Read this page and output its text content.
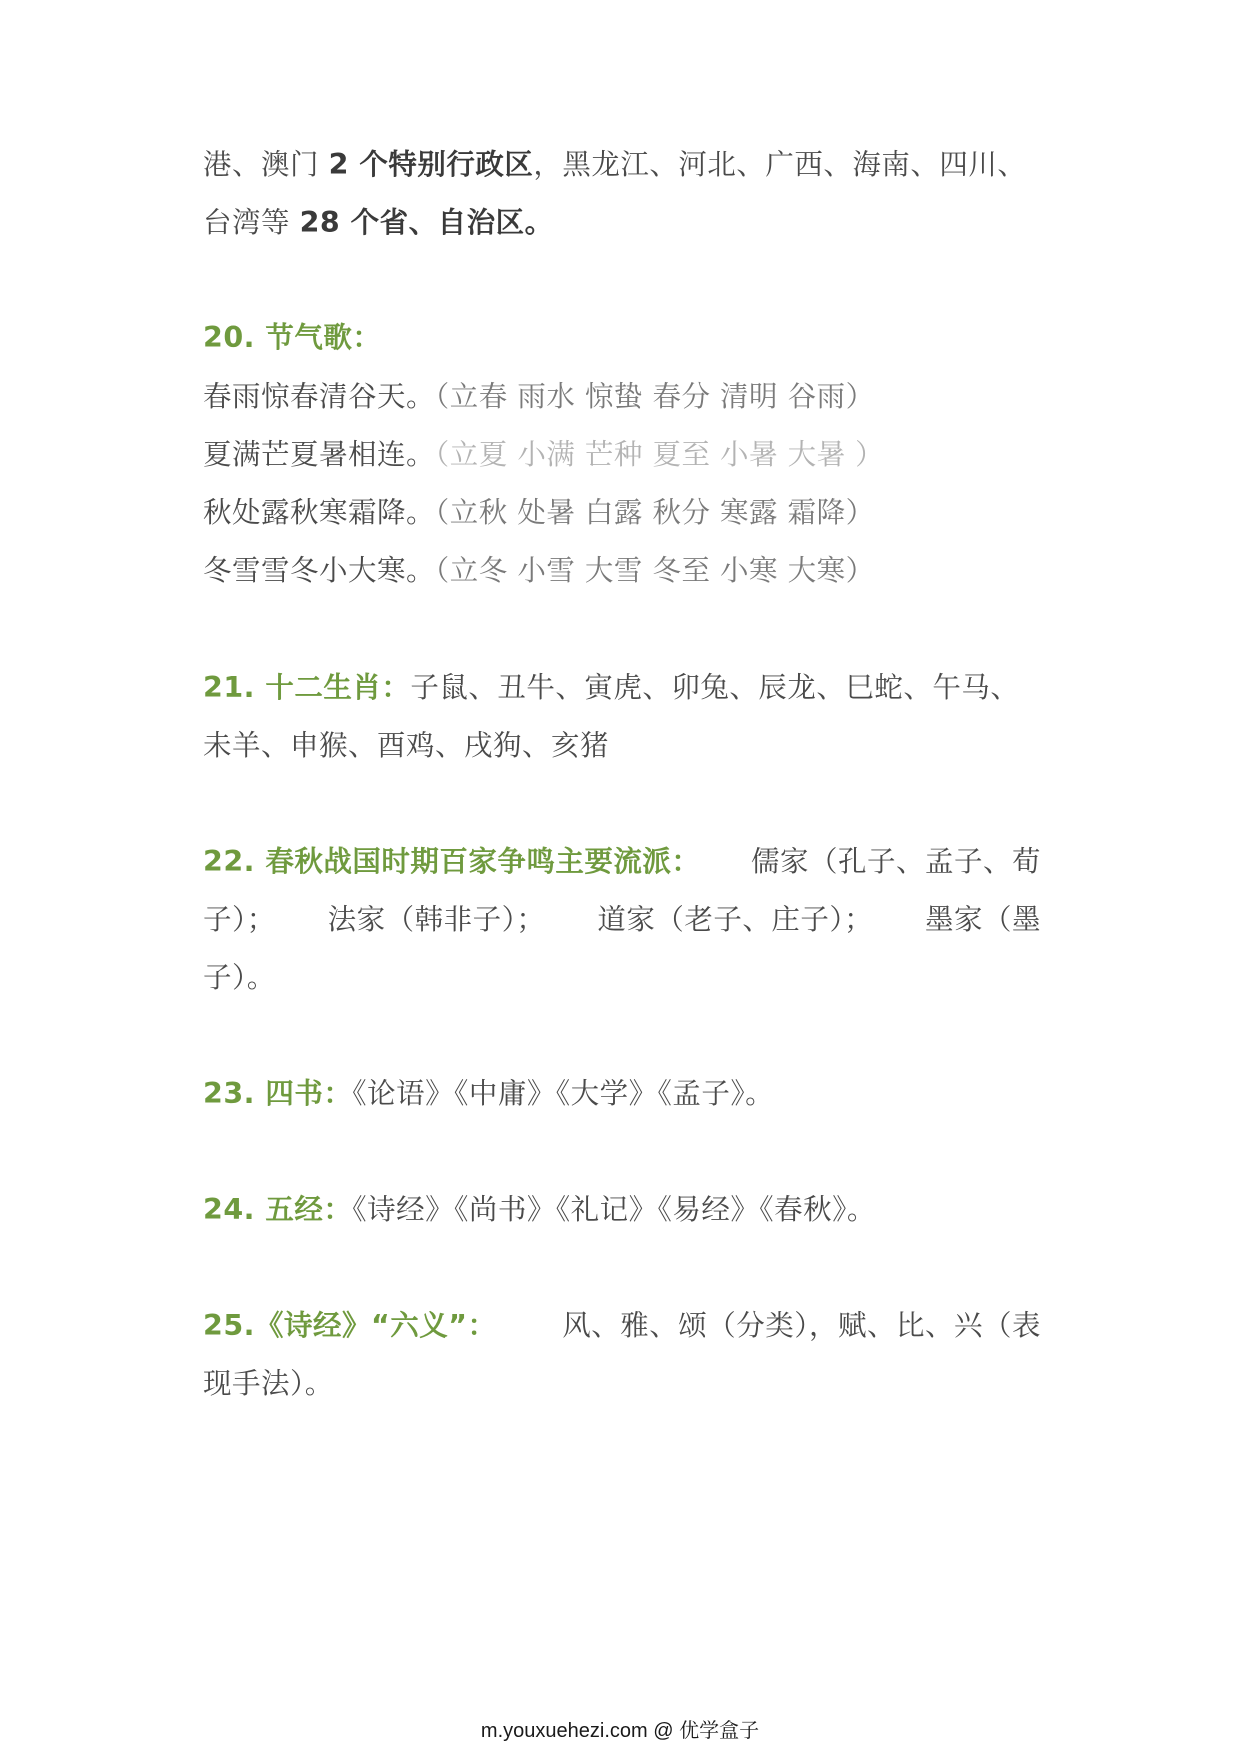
港、澳门 2 个特别行政区，黑龙江、河北、广西、海南、四川、
台湾等 28 个省、自治区。
20. 节气歌：
春雨惊春清谷天。（立春 雨水 惊蛰 春分 清明 谷雨）
夏满芒夏暑相连。（立夏 小满 芒种 夏至 小暑 大暑 ）
秋处露秋寒霜降。（立秋 处暑 白露 秋分 寒露 霜降）
冬雪雪冬小大寒。（立冬 小雪 大雪 冬至 小寒 大寒）
21. 十二生肖：子鼠、丑牛、寅虎、卯兔、辰龙、巳蛇、午马、
未羊、申猴、酉鸡、戌狗、亥猪
22. 春秋战国时期百家争鸣主要流派： 儒家（孔子、孟子、荀
子）； 法家（韩非子）； 道家（老子、庄子）； 墨家（墨
子）。
23. 四书：《论语》《中庸》《大学》《孟子》。
24. 五经：《诗经》《尚书》《礼记》《易经》《春秋》。
25.《诗经》“六义”： 风、雅、颂（分类），赋、比、兴（表
现手法）。
m.youxuehezi.com @ 优学盒子
